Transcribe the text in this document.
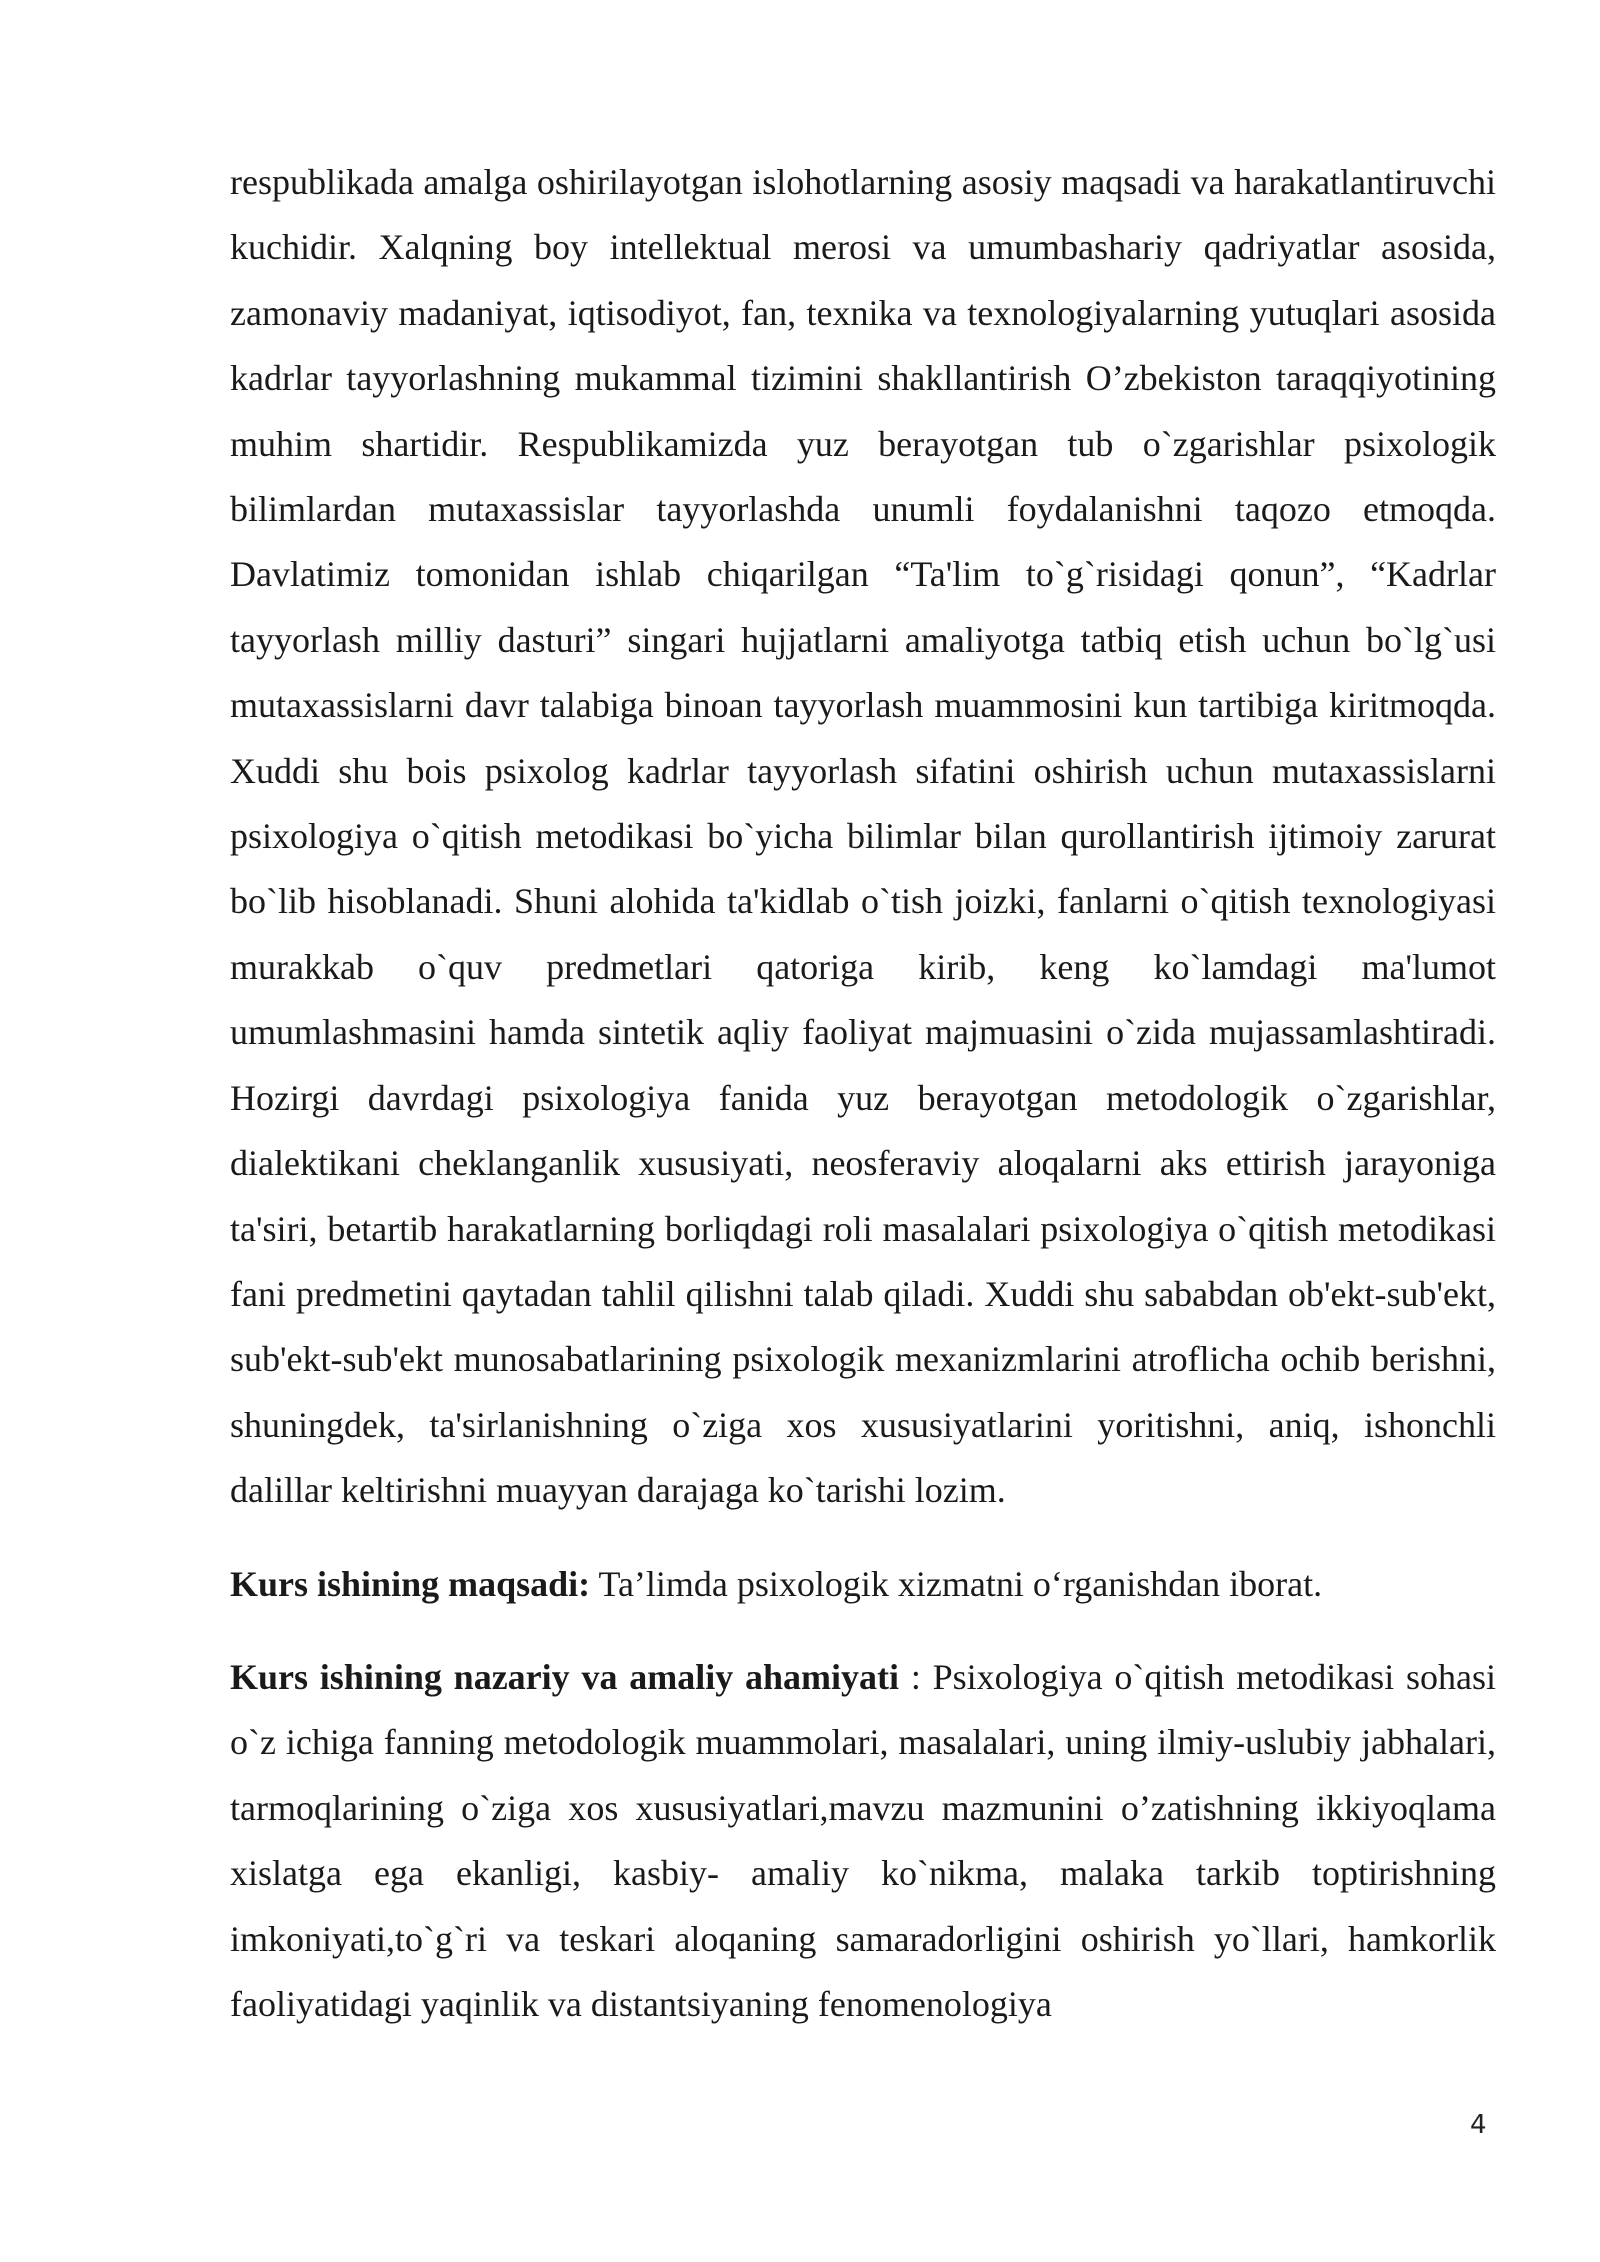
respublikada amalga oshirilayotgan islohotlarning asosiy maqsadi va harakatlantiruvchi kuchidir. Xalqning boy intellektual merosi va umumbashariy qadriyatlar asosida, zamonaviy madaniyat, iqtisodiyot, fan, texnika va texnologiyalarning yutuqlari asosida kadrlar tayyorlashning mukammal tizimini shakllantirish O’zbekiston taraqqiyotining muhim shartidir. Respublikamizda yuz berayotgan tub o`zgarishlar psixologik bilimlardan mutaxassislar tayyorlashda unumli foydalanishni taqozo etmoqda. Davlatimiz tomonidan ishlab chiqarilgan “Ta'lim to`g`risidagi qonun”, “Kadrlar tayyorlash milliy dasturi” singari hujjatlarni amaliyotga tatbiq etish uchun bo`lg`usi mutaxassislarni davr talabiga binoan tayyorlash muammosini kun tartibiga kiritmoqda. Xuddi shu bois psixolog kadrlar tayyorlash sifatini oshirish uchun mutaxassislarni psixologiya o`qitish metodikasi bo`yicha bilimlar bilan qurollantirish ijtimoiy zarurat bo`lib hisoblanadi. Shuni alohida ta'kidlab o`tish joizki, fanlarni o`qitish texnologiyasi murakkab o`quv predmetlari qatoriga kirib, keng ko`lamdagi ma'lumot umumlashmasini hamda sintetik aqliy faoliyat majmuasini o`zida mujassamlashtiradi. Hozirgi davrdagi psixologiya fanida yuz berayotgan metodologik o`zgarishlar, dialektikani cheklanganlik xususiyati, neosferaviy aloqalarni aks ettirish jarayoniga ta'siri, betartib harakatlarning borliqdagi roli masalalari psixologiya o`qitish metodikasi fani predmetini qaytadan tahlil qilishni talab qiladi. Xuddi shu sababdan ob'ekt-sub'ekt, sub'ekt-sub'ekt munosabatlarining psixologik mexanizmlarini atroflicha ochib berishni, shuningdek, ta'sirlanishning o`ziga xos xususiyatlarini yoritishni, aniq, ishonchli dalillar keltirishni muayyan darajaga ko`tarishi lozim.

Kurs ishining maqsadi: Ta’limda psixologik xizmatni o‘rganishdan iborat.

Kurs ishining nazariy va amaliy ahamiyati : Psixologiya o`qitish metodikasi sohasi o`z ichiga fanning metodologik muammolari, masalalari, uning ilmiy-uslubiy jabhalari, tarmoqlarining o`ziga xos xususiyatlari,mavzu mazmunini o’zatishning ikkiyoqlama xislatga ega ekanligi, kasbiy- amaliy ko`nikma, malaka tarkib toptirishning imkoniyati,to`g`ri va teskari aloqaning samaradorligini oshirish yo`llari, hamkorlik faoliyatidagi yaqinlik va distantsiyaning fenomenologiya

4
